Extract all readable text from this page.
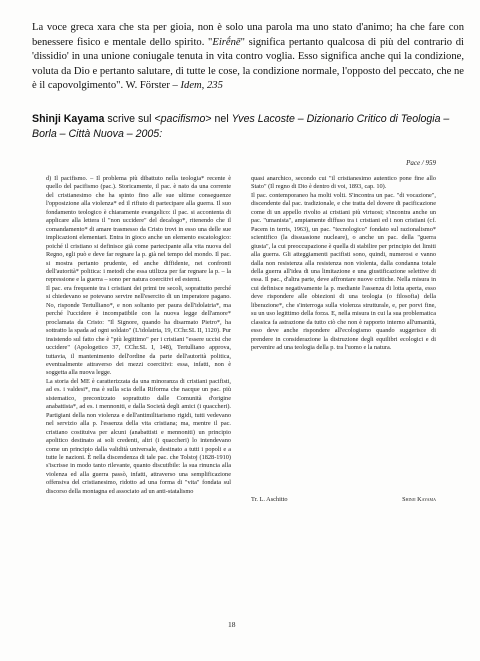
La voce greca xara che sta per gioia, non è solo una parola ma uno stato d'animo; ha che fare con benessere fisico e mentale dello spirito. "Eirḗnē" significa pertanto qualcosa di più del contrario di 'dissidio' in una unione coniugale tenuta in vita contro voglia. Esso significa anche qui la condizione, voluta da Dio e pertanto salutare, di tutte le cose, la condizione normale, l'opposto del peccato, che ne è il capovolgimento". W. Förster – Idem, 235

Shinji Kayama scrive sul <pacifismo> nel Yves Lacoste – Dizionario Critico di Teologia – Borla – Città Nuova – 2005:
Pace / 959

d) Il pacifismo. – Il problema più dibattuto nella teologia* recente è quello del pacifismo (pac.). Storicamente, il pac. è nato da una corrente del cristianesimo che ha spinto fino alle sue ultime conseguenze l'opposizione alla violenza* ed il rifiuto di partecipare alla guerra. Il suo fondamento teologico è chiaramente evangelico: il pac. si accontenta di applicare alla lettera il "non uccidere" del decalogo*, ritenendo che il comandamento* di amare trasmesso da Cristo trovi in esso una delle sue implicazioni elementari. Entra in gioco anche un elemento escatologico: poiché il cristiano si definisce già come partecipante alla vita nuova del Regno, egli può e deve far regnare la p. già nel tempo del mondo. Il pac. si mostra pertanto prudente, ed anche diffidente, nei confronti dell'autorità* politica: i metodi che essa utilizza per far regnare la p. – la repressione e la guerra – sono per natura coercitivi ed esterni.

Il pac. era frequente tra i cristiani dei primi tre secoli, soprattutto perché si chiedevano se potevano servire nell'esercito di un imperatore pagano. No, risponde Tertulliano*, e non soltanto per paura dell'idolatria*, ma perché l'uccidere è incompatibile con la nuova legge dell'amore* proclamata da Cristo: "Il Signore, quando ha disarmato Pietro*, ha sottratto la spada ad ogni soldato" (L'idolatria, 19, CChr.SL II, 1120). Pur insistendo sul fatto che è "più legittimo" per i cristiani "essere uccisi che uccidere" (Apologetico 37, CChr.SL I, 148), Tertulliano approva, tuttavia, il mantenimento dell'ordine da parte dell'autorità politica, eventualmente attraverso dei mezzi coercitivi: essa, infatti, non è soggetta alla nuova legge.

La storia del ME è caratterizzata da una minoranza di cristiani pacifisti, ad es. i valdesi*, ma è sulla scia della Riforma che nacque un pac. più sistematico, preconizzato soprattutto dalle Comunità d'origine anabattista*, ad es. i mennoniti, e dalla Società degli amici (i quaccheri). Partigiani della non violenza e dell'antimilitarismo rigidi, tutti vedevano nel servizio alla p. l'essenza della vita cristiana; ma, mentre il pac. cristiano costituiva per alcuni (anabattisti e mennoniti) un principio apolitico destinato ai soli credenti, altri (i quaccheri) lo intendevano come un principio dalla validità universale, destinato a tutti i popoli e a tutte le nazioni. È nella discendenza di tale pac. che Tolstoj (1828-1910) s'iscrisse in modo tanto rilevante, quanto discutibile: la sua rinuncia alla violenza ed alla guerra passò, infatti, attraverso una semplificazione offensiva del cristianesimo, ridotto ad una forma di "vita" fondata sul discorso della montagna ed associato ad un anti-statalismo

quasi anarchico, secondo cui "il cristianesimo autentico pone fine allo Stato" (Il regno di Dio è dentro di voi, 1893, cap. 10).

Il pac. contemporaneo ha molti volti. S'incontra un pac. "di vocazione", discendente dal pac. tradizionale, e che tratta del dovere di pacificazione come di un appello rivolto ai cristiani più virtuosi; s'incontra anche un pac. "umanista", ampiamente diffuso tra i cristiani ed i non cristiani (cf. Pacem in terris, 1963), un pac. "tecnologico" fondato sul razionalismo* scientifico (la dissuasione nucleare), o anche un pac. della "guerra giusta", la cui preoccupazione è quella di stabilire per principio dei limiti alla guerra. Gli atteggiamenti pacifisti sono, quindi, numerosi e vanno dalla non resistenza alla resistenza non violenta, dalla condanna totale della guerra all'idea di una limitazione e una giustificazione selettive di essa. Il pac., d'altra parte, deve affrontare nuove critiche. Nella misura in cui definisce negativamente la p. mediante l'assenza di lotta aperta, esso deve rispondere alle obiezioni di una teologia (o filosofia) della liberazione*, che s'interroga sulla violenza strutturale, e, per porvi fine, su un uso legittimo della forza. E, nella misura in cui la sua problematica classica fa astrazione da tutto ciò che non è rapporto interno all'umanità, esso deve anche rispondere all'ecologismo quando suggerisce di prendere in considerazione la distruzione degli equilibri ecologici e di pervenire ad una teologia della p. tra l'uomo e la natura.

Tr. L. Aschitto	Shinji Kayama
18
